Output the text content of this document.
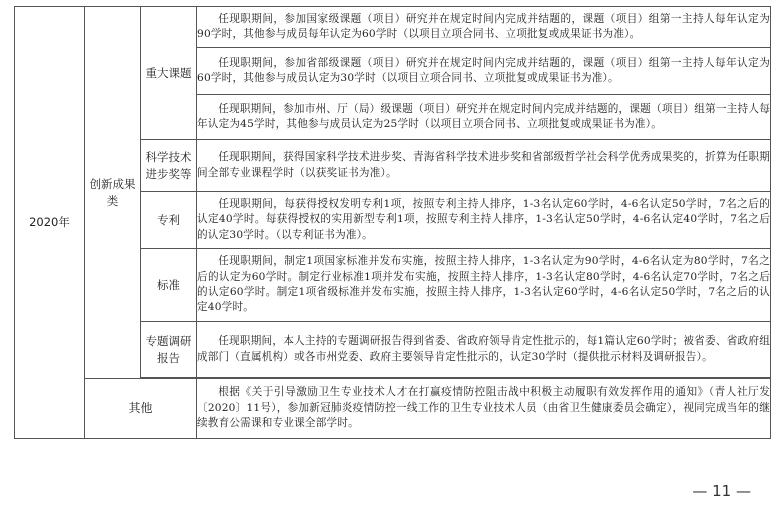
2020年	创新成果类	重大课题	任现职期间，参加国家级课题（项目）研究并在规定时间内完成并结题的，课题（项目）组第一主持人每年认定为90学时，其他参与成员每年认定为60学时（以项目立项合同书、立项批复或成果证书为准）。
			任现职期间，参加省部级课题（项目）研究并在规定时间内完成并结题的，课题（项目）组第一主持人每年认定为60学时，其他参与成员认定为30学时（以项目立项合同书、立项批复或成果证书为准）。
			任现职期间，参加市州、厅（局）级课题（项目）研究并在规定时间内完成并结题的，课题（项目）组第一主持人每年认定为45学时，其他参与成员认定为25学时（以项目立项合同书、立项批复或成果证书为准）。
		科学技术进步奖等	任现职期间，获得国家科学技术进步奖、青海省科学技术进步奖和省部级哲学社会科学优秀成果奖的，折算为任职期间全部专业课程学时（以获奖证书为准）。
		专利	任现职期间，每获得授权发明专利1项，按照专利主持人排序，1-3名认定60学时，4-6名认定50学时，7名之后的认定40学时。每获得授权的实用新型专利1项，按照专利主持人排序，1-3名认定50学时，4-6名认定40学时，7名之后的认定30学时。（以专利证书为准）。
		标准	任现职期间，制定1项国家标准并发布实施，按照主持人排序，1-3名认定为90学时，4-6名认定为80学时，7名之后的认定为60学时。制定行业标准1项并发布实施，按照主持人排序，1-3名认定80学时，4-6名认定70学时，7名之后的认定60学时。制定1项省级标准并发布实施，按照主持人排序，1-3名认定60学时，4-6名认定50学时，7名之后的认定40学时。
		专题调研报告	任现职期间，本人主持的专题调研报告得到省委、省政府领导肯定性批示的，每1篇认定60学时；被省委、省政府组成部门（直属机构）或各市州党委、政府主要领导肯定性批示的，认定30学时（提供批示材料及调研报告）。

	其他		根据《关于引导激励卫生专业技术人才在打赢疫情防控阻击战中积极主动履职有效发挥作用的通知》（青人社厅发〔2020〕11号），参加新冠肺炎疫情防控一线工作的卫生专业技术人员（由省卫生健康委员会确定），视同完成当年的继续教育公需课和专业课全部学时。
— 11 —
